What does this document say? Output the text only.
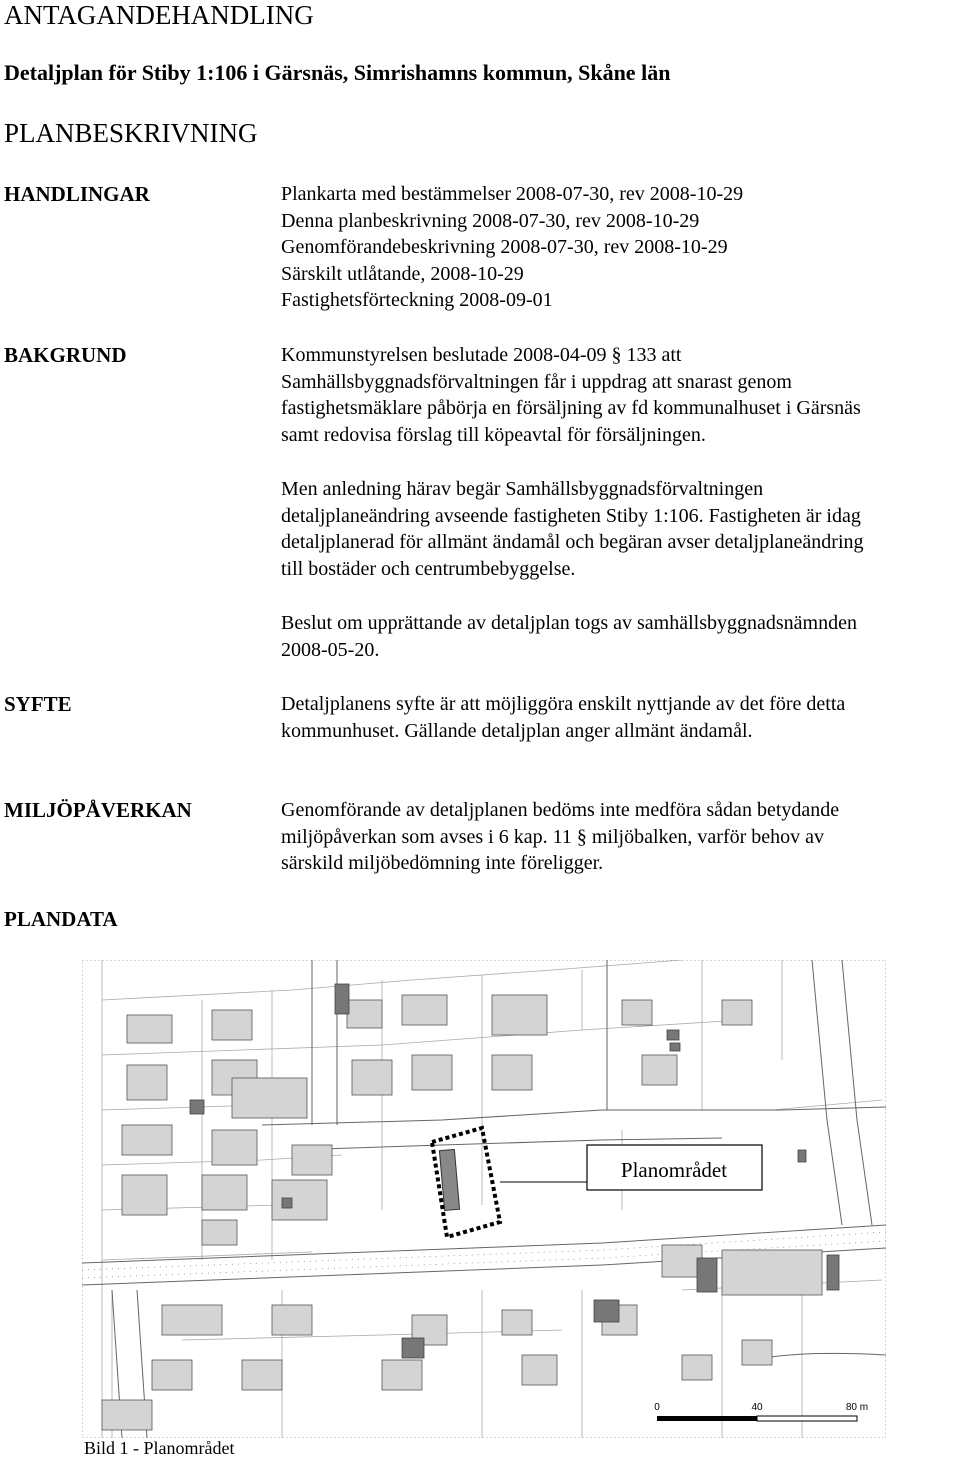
ANTAGANDEHANDLING
Detaljplan för Stiby 1:106 i Gärsnäs, Simrishamns kommun, Skåne län
PLANBESKRIVNING
HANDLINGAR	Plankarta med bestämmelser 2008-07-30, rev 2008-10-29
Denna planbeskrivning 2008-07-30, rev 2008-10-29
Genomförandebeskrivning 2008-07-30, rev 2008-10-29
Särskilt utlåtande, 2008-10-29
Fastighetsförteckning 2008-09-01
BAKGRUND	Kommunstyrelsen beslutade 2008-04-09 § 133 att
Samhällsbyggnadsförvaltningen får i uppdrag att snarast genom
fastighetsmäklare påbörja en försäljning av fd kommunalhuset i Gärsnäs
samt redovisa förslag till köpeavtal för försäljningen.
Men anledning härav begär Samhällsbyggnadsförvaltningen
detaljplaneändring avseende fastigheten Stiby 1:106. Fastigheten är idag
detaljplanerad för allmänt ändamål och begäran avser detaljplaneändring
till bostäder och centrumbebyggelse.
Beslut om upprättande av detaljplan togs av samhällsbyggnadsnämnden
2008-05-20.
SYFTE	Detaljplanens syfte är att möjliggöra enskilt nyttjande av det före detta
kommunhuset. Gällande detaljplan anger allmänt ändamål.
MILJÖPÅVERKAN	Genomförande av detaljplanen bedöms inte medföra sådan betydande
miljöpåverkan som avses i 6 kap. 11 § miljöbalken, varför behov av
särskild miljöbedömning inte föreligger.
PLANDATA
Planområdet
0	40	80 m
Bild 1 - Planområdet
